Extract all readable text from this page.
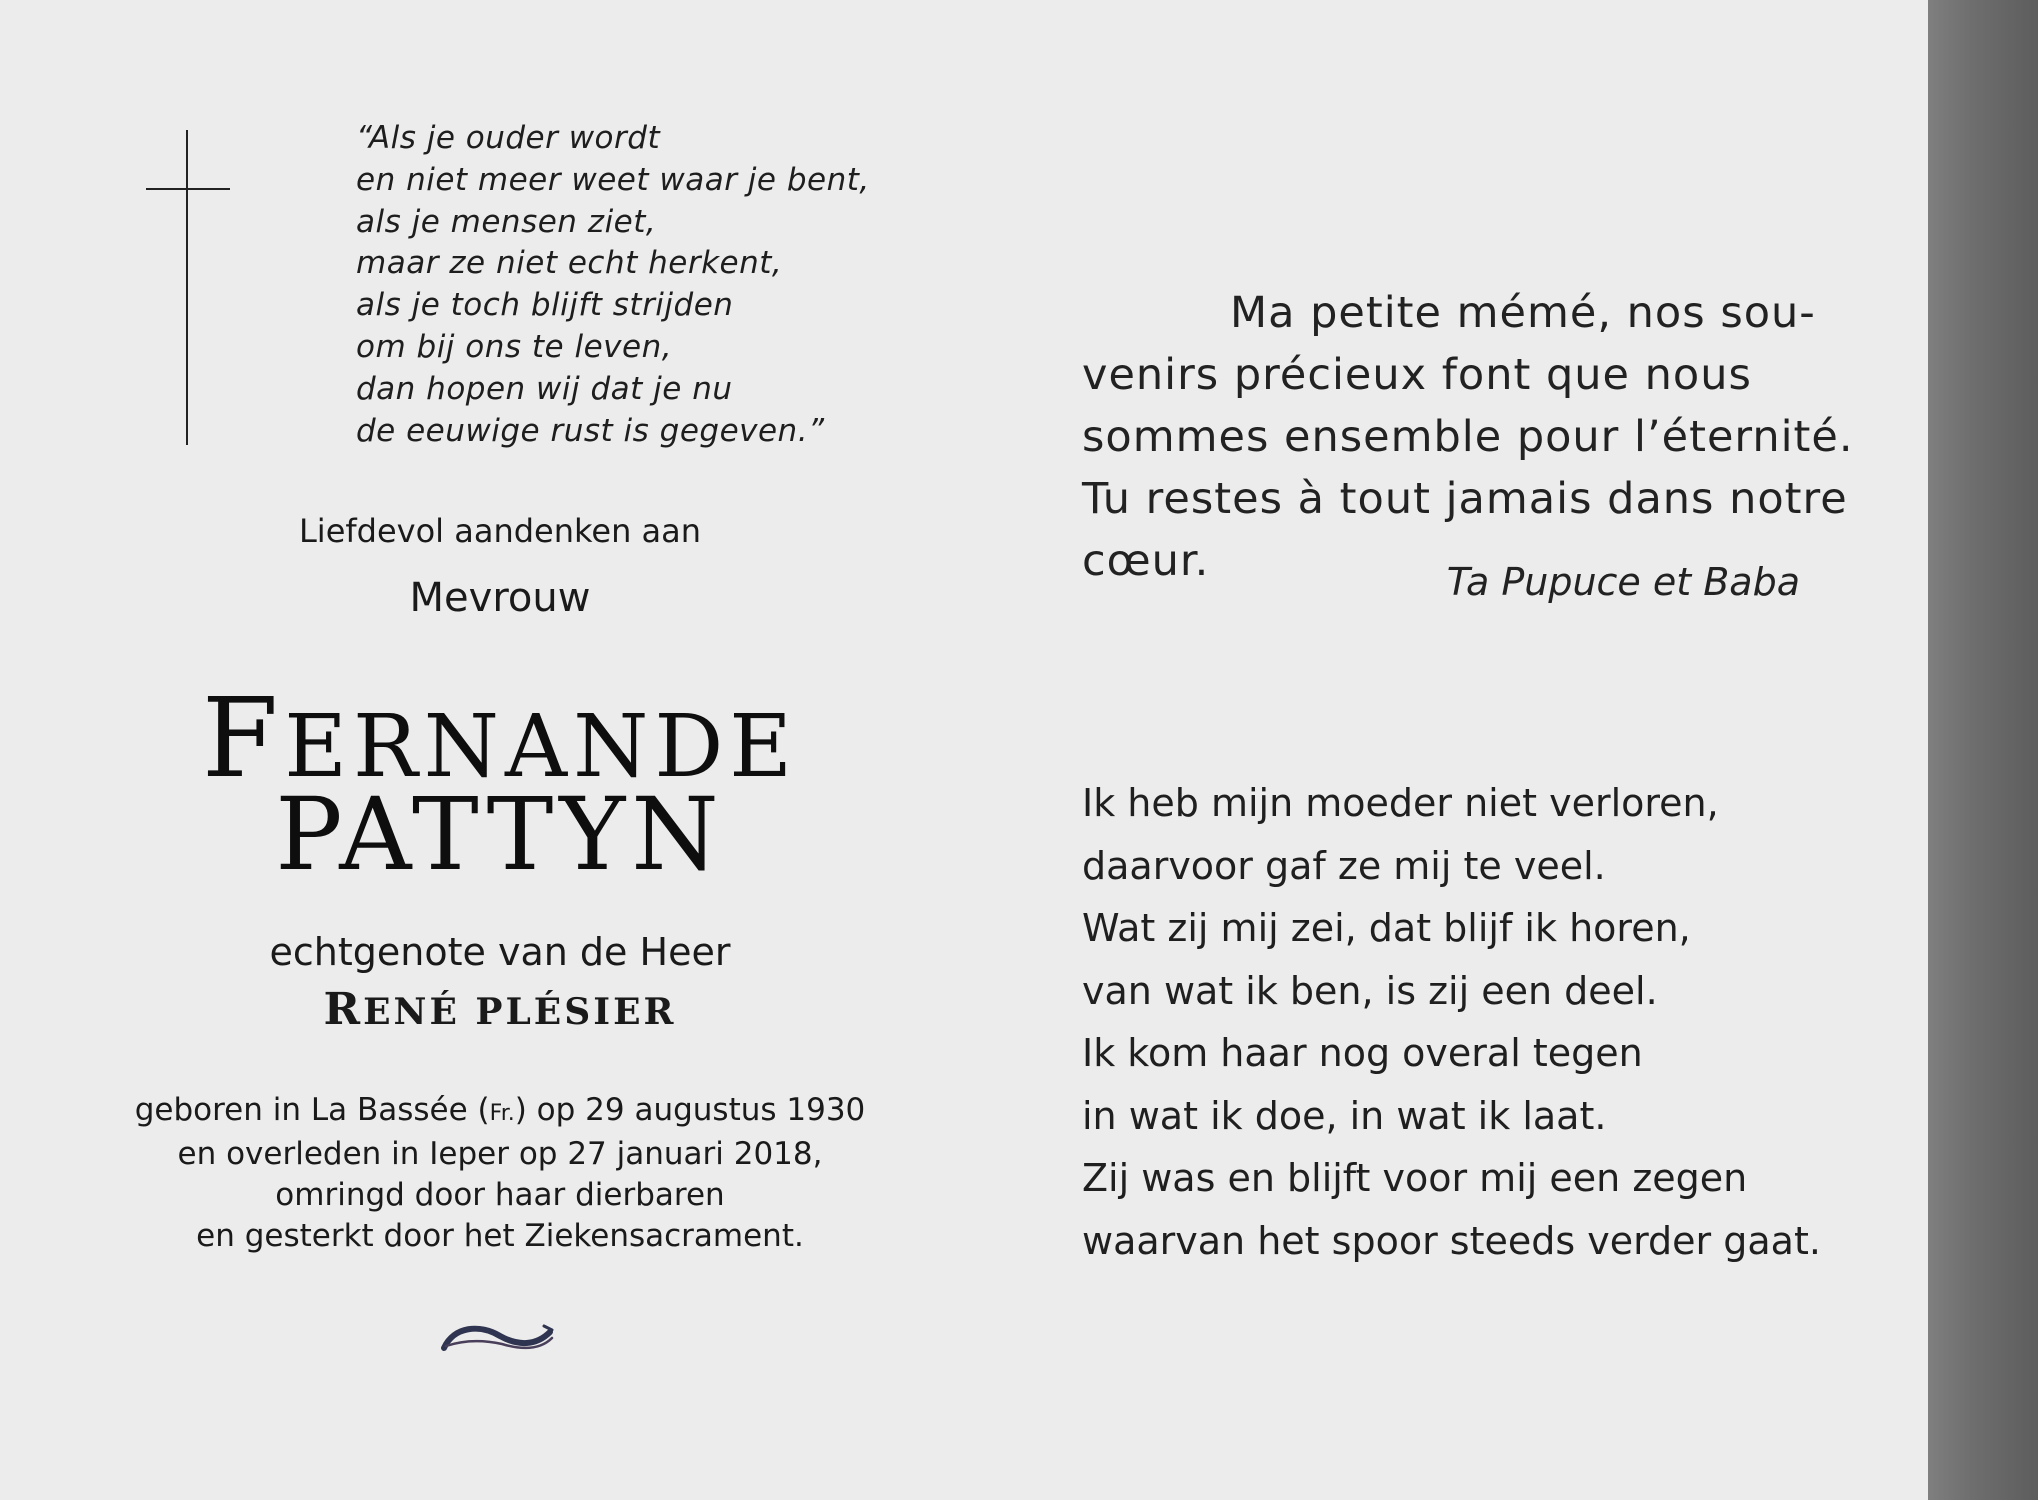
“Als je ouder wordt
en niet meer weet waar je bent,
als je mensen ziet,
maar ze niet echt herkent,
als je toch blijft strijden
om bij ons te leven,
dan hopen wij dat je nu
de eeuwige rust is gegeven.”
Liefdevol aandenken aan
Mevrouw
FERNANDE
PATTYN
echtgenote van de Heer
RENÉ PLÉSIER
geboren in La Bassée (Fr.) op 29 augustus 1930
en overleden in Ieper op 27 januari 2018,
omringd door haar dierbaren
en gesterkt door het Ziekensacrament.
Ma petite mémé, nos sou-
venirs précieux font que nous
sommes ensemble pour l’éternité.
Tu restes à tout jamais dans notre
cœur.	Ta Pupuce et Baba
Ik heb mijn moeder niet verloren,
daarvoor gaf ze mij te veel.
Wat zij mij zei, dat blijf ik horen,
van wat ik ben, is zij een deel.
Ik kom haar nog overal tegen
in wat ik doe, in wat ik laat.
Zij was en blijft voor mij een zegen
waarvan het spoor steeds verder gaat.
